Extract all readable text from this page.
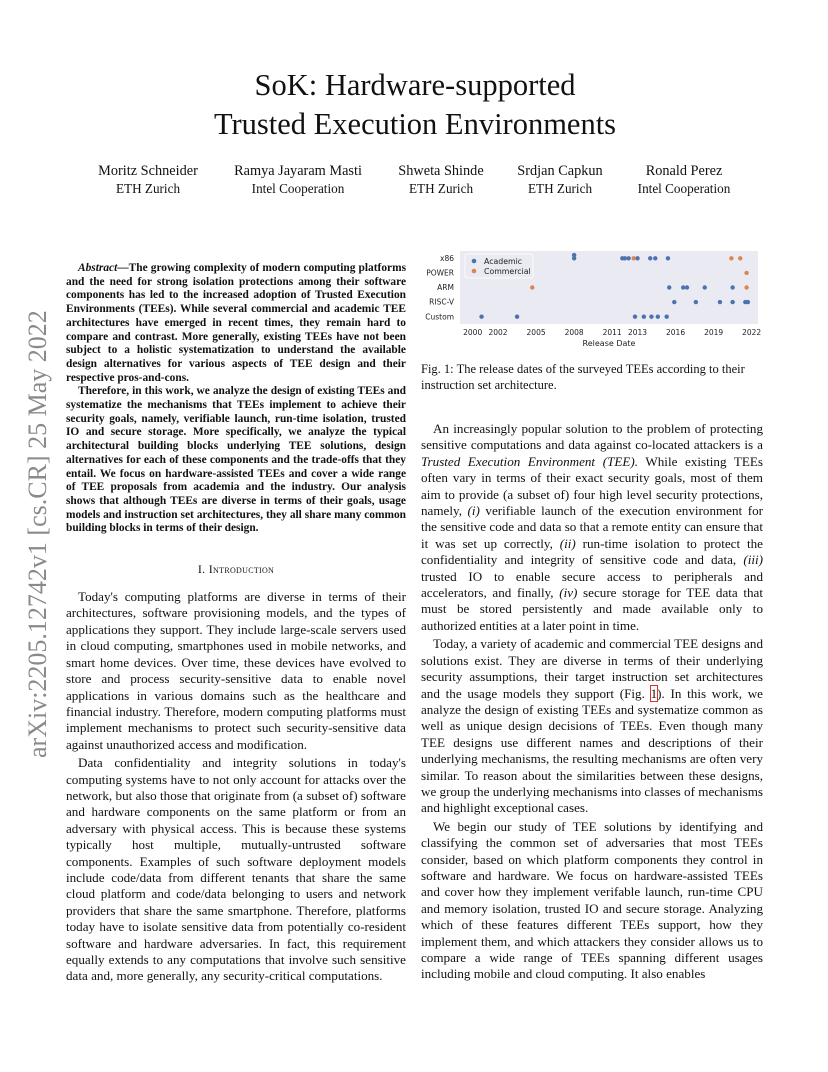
arXiv:2205.12742v1 [cs.CR] 25 May 2022
SoK: Hardware-supported
Trusted Execution Environments
Moritz Schneider
ETH Zurich
Ramya Jayaram Masti
Intel Cooperation
Shweta Shinde
ETH Zurich
Srdjan Capkun
ETH Zurich
Ronald Perez
Intel Cooperation

Abstract—The growing complexity of modern computing platforms and the need for strong isolation protections among their software components has led to the increased adoption of Trusted Execution Environments (TEEs). While several commercial and academic TEE architectures have emerged in recent times, they remain hard to compare and contrast. More generally, existing TEEs have not been subject to a holistic systematization to understand the available design alternatives for various aspects of TEE design and their respective pros-and-cons.

Therefore, in this work, we analyze the design of existing TEEs and systematize the mechanisms that TEEs implement to achieve their security goals, namely, verifiable launch, run-time isolation, trusted IO and secure storage. More specifically, we analyze the typical architectural building blocks underlying TEE solutions, design alternatives for each of these components and the trade-offs that they entail. We focus on hardware-assisted TEEs and cover a wide range of TEE proposals from academia and the industry. Our analysis shows that although TEEs are diverse in terms of their goals, usage models and instruction set architectures, they all share many common building blocks in terms of their design.

I. Introduction

Today's computing platforms are diverse in terms of their architectures, software provisioning models, and the types of applications they support. They include large-scale servers used in cloud computing, smartphones used in mobile networks, and smart home devices. Over time, these devices have evolved to store and process security-sensitive data to enable novel applications in various domains such as the healthcare and financial industry. Therefore, modern computing platforms must implement mechanisms to protect such security-sensitive data against unauthorized access and modification.

Data confidentiality and integrity solutions in today's computing systems have to not only account for attacks over the network, but also those that originate from (a subset of) software and hardware components on the same platform or from an adversary with physical access. This is because these systems typically host multiple, mutually-untrusted software components. Examples of such software deployment models include code/data from different tenants that share the same cloud platform and code/data belonging to users and network providers that share the same smartphone. Therefore, platforms today have to isolate sensitive data from potentially co-resident software and hardware adversaries. In fact, this requirement equally extends to any computations that involve such sensitive data and, more generally, any security-critical computations.

x86
POWER
ARM
RISC-V
Custom
2000 2002	2005	2008	2011 2013	2016	2019	2022
Academic
Commercial
Release Date
Fig. 1: The release dates of the surveyed TEEs according to their instruction set architecture.

An increasingly popular solution to the problem of protecting sensitive computations and data against co-located attackers is a Trusted Execution Environment (TEE). While existing TEEs often vary in terms of their exact security goals, most of them aim to provide (a subset of) four high level security protections, namely, (i) verifiable launch of the execution environment for the sensitive code and data so that a remote entity can ensure that it was set up correctly, (ii) run-time isolation to protect the confidentiality and integrity of sensitive code and data, (iii) trusted IO to enable secure access to peripherals and accelerators, and finally, (iv) secure storage for TEE data that must be stored persistently and made available only to authorized entities at a later point in time.

Today, a variety of academic and commercial TEE designs and solutions exist. They are diverse in terms of their underlying security assumptions, their target instruction set architectures and the usage models they support (Fig. 1). In this work, we analyze the design of existing TEEs and systematize common as well as unique design decisions of TEEs. Even though many TEE designs use different names and descriptions of their underlying mechanisms, the resulting mechanisms are often very similar. To reason about the similarities between these designs, we group the underlying mechanisms into classes of mechanisms and highlight exceptional cases.

We begin our study of TEE solutions by identifying and classifying the common set of adversaries that most TEEs consider, based on which platform components they control in software and hardware. We focus on hardware-assisted TEEs and cover how they implement verifable launch, run-time CPU and memory isolation, trusted IO and secure storage. Analyzing which of these features different TEEs support, how they implement them, and which attackers they consider allows us to compare a wide range of TEEs spanning different usages including mobile and cloud computing. It also enables
